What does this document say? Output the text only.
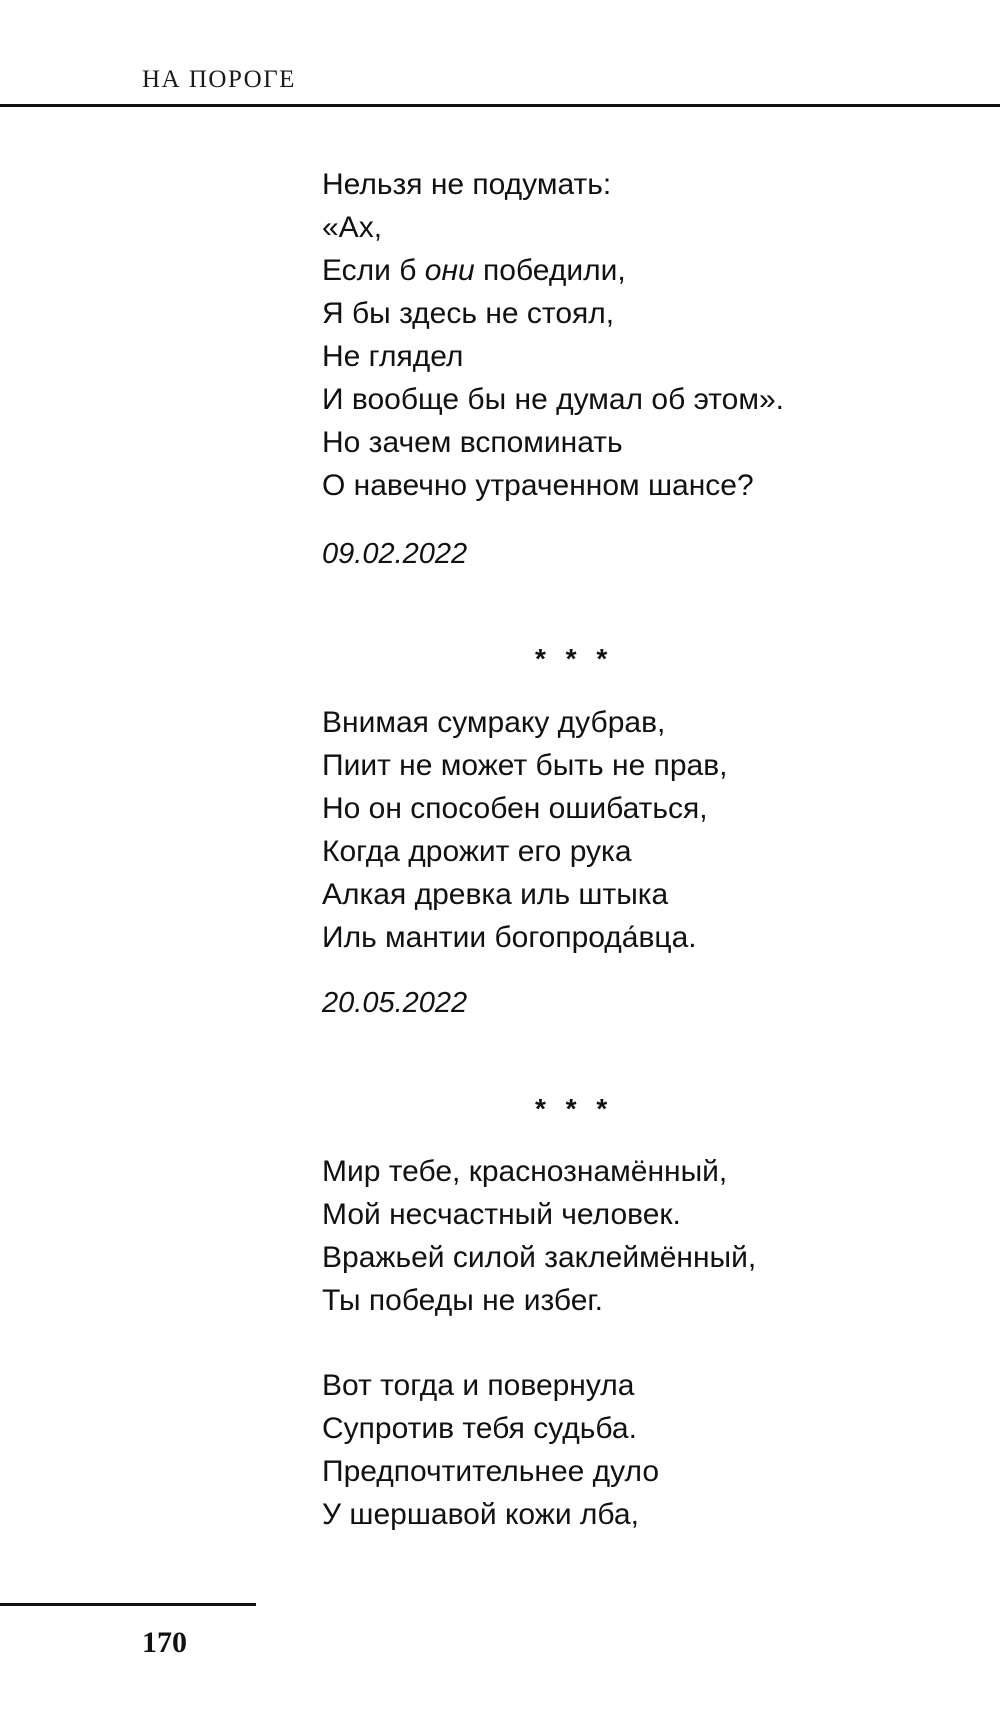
НА ПОРОГЕ
Нельзя не подумать:
«Ах,
Если б они победили,
Я бы здесь не стоял,
Не глядел
И вообще бы не думал об этом».
Но зачем вспоминать
О навечно утраченном шансе?
09.02.2022
* * *
Внимая сумраку дубрав,
Пиит не может быть не прав,
Но он способен ошибаться,
Когда дрожит его рука
Алкая древка иль штыка
Иль мантии богопрода́вца.
20.05.2022
* * *
Мир тебе, краснознамённый,
Мой несчастный человек.
Вражьей силой заклеймённый,
Ты победы не избег.
Вот тогда и повернула
Супротив тебя судьба.
Предпочтительнее дуло
У шершавой кожи лба,
170
